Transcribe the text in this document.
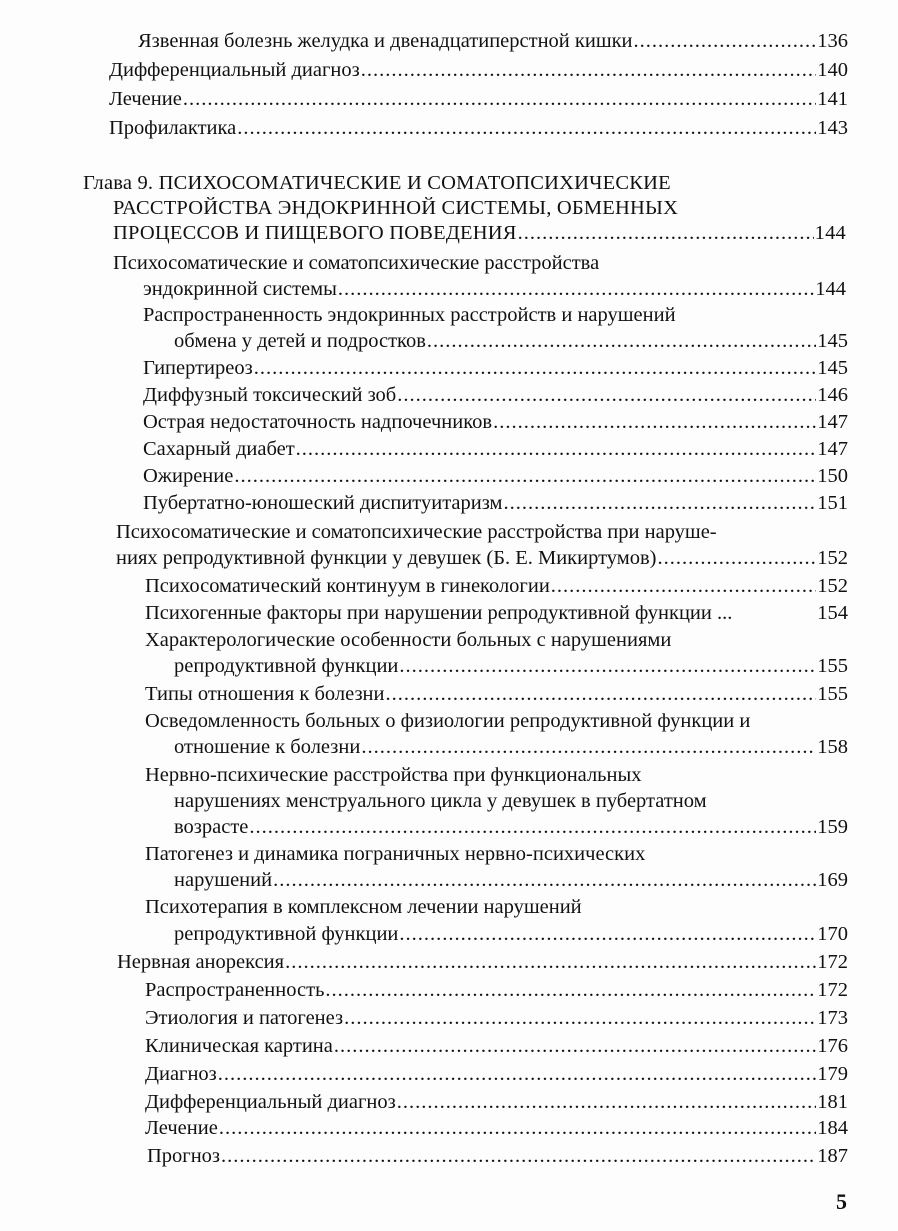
Язвенная болезнь желудка и двенадцатиперстной кишки .....	136
Дифференциальный диагноз .....	140
Лечение .....	141
Профилактика .....	143
Глава 9. ПСИХОСОМАТИЧЕСКИЕ И СОМАТОПСИХИЧЕСКИЕ
РАССТРОЙСТВА ЭНДОКРИННОЙ СИСТЕМЫ, ОБМЕННЫХ
ПРОЦЕССОВ И ПИЩЕВОГО ПОВЕДЕНИЯ .....	144
Психосоматические и соматопсихические расстройства
эндокринной системы .....	144
Распространенность эндокринных расстройств и нарушений
обмена у детей и подростков .....	145
Гипертиреоз .....	145
Диффузный токсический зоб .....	146
Острая недостаточность надпочечников .....	147
Сахарный диабет .....	147
Ожирение .....	150
Пубертатно-юношеский диспитуитаризм .....	151
Психосоматические и соматопсихические расстройства при наруше-
ниях репродуктивной функции у девушек (Б. Е. Микиртумов) .....	152
Психосоматический континуум в гинекологии .....	152
Психогенные факторы при нарушении репродуктивной функции ...	154
Характерологические особенности больных с нарушениями
репродуктивной функции .....	155
Типы отношения к болезни .....	155
Осведомленность больных о физиологии репродуктивной функции и
отношение к болезни .....	158
Нервно-психические расстройства при функциональных
нарушениях менструального цикла у девушек в пубертатном
возрасте .....	159
Патогенез и динамика пограничных нервно-психических
нарушений .....	169
Психотерапия в комплексном лечении нарушений
репродуктивной функции .....	170
Нервная анорексия .....	172
Распространенность .....	172
Этиология и патогенез .....	173
Клиническая картина .....	176
Диагноз .....	179
Дифференциальный диагноз .....	181
Лечение .....	184
Прогноз .....	187
5
